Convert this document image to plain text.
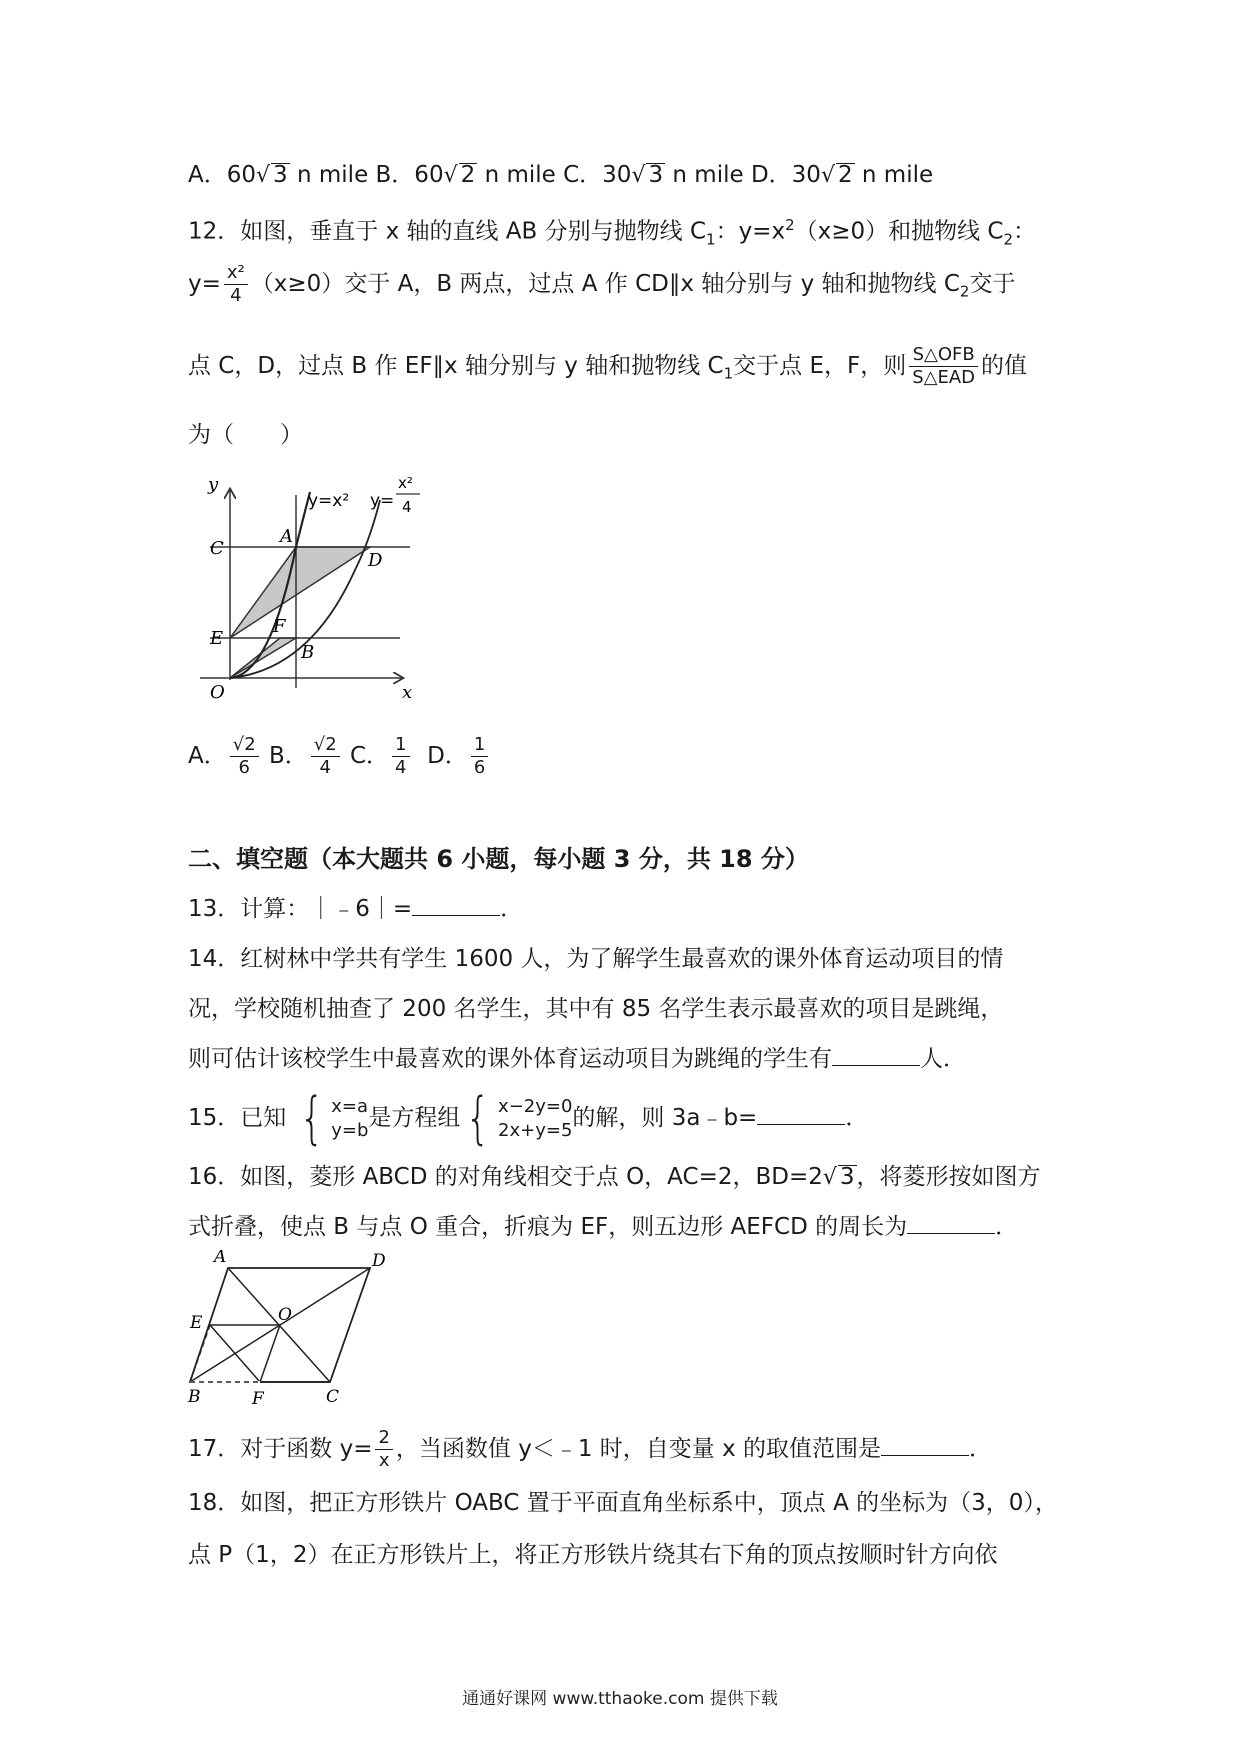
A．60√ 3 n mile B．60√ 2 n mile C．30√ 3 n mile D．30√ 2 n mile
12．如图，垂直于 x 轴的直线 AB 分别与抛物线 $C_1$：$y=x^2(x\ge 0)$和抛物线 $C_2$：
$y= \frac{\text{x²}}{4} (x\ge 0)$交于 A，B 两点，过点 A 作 CD∥x 轴分别与 y 轴和抛物线 $C_2$交于
点 C，D，过点 B 作 EF∥x 轴分别与 y 轴和抛物线 $C_1$交于点 E，F，则 $\frac{\text{S△OFB}}{\text{S△EAD}}$ 的值
为（　　）
y
x
O
A
B
C
D
E
F
y=x² y=
x²
4
A． $\frac{√2}{6}$ B． $\frac{√2}{4}$ C． $\frac{1}{4}$ D． $\frac{1}{6}$
二、填空题（本大题共 6 小题，每小题 3 分，共 18 分）
13．计算：｜﹣6｜=	．
14．红树林中学共有学生 1600 人，为了解学生最喜欢的课外体育运动项目的情
况，学校随机抽查了 200 名学生，其中有 85 名学生表示最喜欢的项目是跳绳，
则可估计该校学生中最喜欢的课外体育运动项目为跳绳的学生有	人．
15．已知 { x=a
y=b 是方程组 { x−2y=0
2x+y=5 的解，则 3a﹣b=	．
16．如图，菱形 ABCD 的对角线相交于点 O，AC=2，BD=2√ 3，将菱形按如图方
式折叠，使点 B 与点 O 重合，折痕为 EF，则五边形 AEFCD 的周长为	．
A	D
E	O
B	F	C
17．对于函数 $y= \frac{2}{x}$ ，当函数值 y＜﹣1 时，自变量 x 的取值范围是	．
18．如图，把正方形铁片 OABC 置于平面直角坐标系中，顶点 A 的坐标为（3，0），
点 P（1，2）在正方形铁片上，将正方形铁片绕其右下角的顶点按顺时针方向依
通通好课网 www.tthaoke.com 提供下载
